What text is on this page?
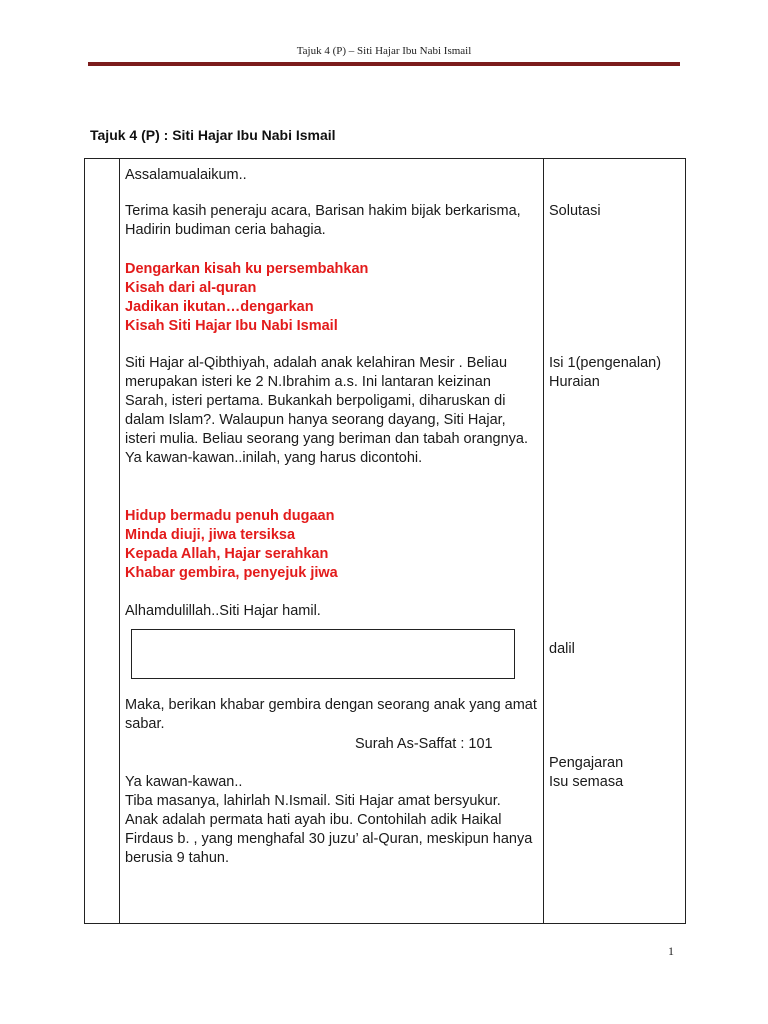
Tajuk 4 (P) – Siti Hajar Ibu Nabi Ismail
Tajuk 4 (P) : Siti Hajar Ibu Nabi Ismail
Assalamualaikum..
Terima kasih peneraju acara, Barisan hakim bijak berkarisma, Hadirin budiman ceria bahagia.
Dengarkan kisah ku persembahkan
Kisah dari al-quran
Jadikan ikutan…dengarkan
Kisah Siti Hajar Ibu Nabi Ismail
Siti Hajar al-Qibthiyah, adalah anak kelahiran Mesir . Beliau merupakan isteri ke 2 N.Ibrahim a.s. Ini lantaran keizinan Sarah, isteri pertama. Bukankah berpoligami, diharuskan di dalam Islam?. Walaupun hanya seorang dayang, Siti Hajar, isteri mulia. Beliau seorang yang beriman dan tabah orangnya. Ya kawan-kawan..inilah, yang harus dicontohi.
Hidup bermadu penuh dugaan
Minda diuji, jiwa tersiksa
Kepada Allah, Hajar serahkan
Khabar gembira, penyejuk jiwa
Alhamdulillah..Siti Hajar hamil.
Maka, berikan khabar gembira dengan seorang anak yang amat sabar.
Surah As-Saffat : 101
Ya kawan-kawan..
Tiba masanya, lahirlah N.Ismail. Siti Hajar amat bersyukur. Anak adalah permata hati ayah ibu. Contohilah adik Haikal Firdaus b. , yang menghafal 30 juzu’ al-Quran, meskipun hanya berusia 9 tahun.
Solutasi
Isi 1(pengenalan)
Huraian
dalil
Pengajaran
Isu semasa
1
